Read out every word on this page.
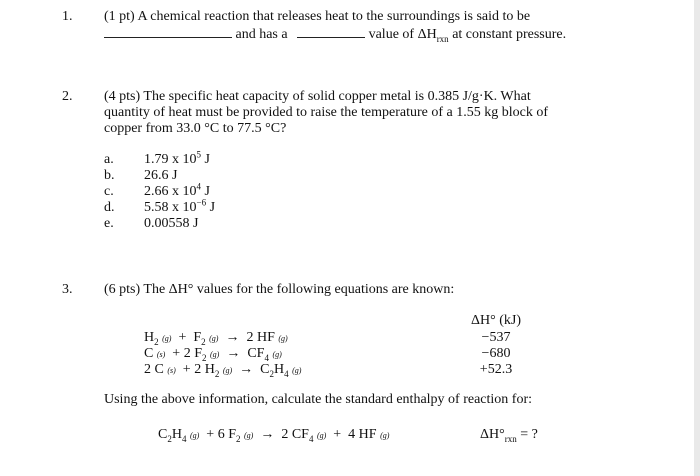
1. (1 pt) A chemical reaction that releases heat to the surroundings is said to be
and has a	value of $\Delta H_{rxn}$ at constant pressure.
2. (4 pts) The specific heat capacity of solid copper metal is 0.385 J/g·K. What
quantity of heat must be provided to raise the temperature of a 1.55 kg block of
copper from 33.0 °C to 77.5 °C?
a. 1.79 x $10^5$ J
b. 26.6 J
c. 2.66 x $10^4$ J
d. 5.58 x $10^{-6}$ J
e. 0.00558 J
3. (6 pts) The ΔH° values for the following equations are known:
ΔH° (kJ)
$H_2$ $(g) + F_2$ (g)  →  2 HF (g)	−537
C (s)  + 2 $F_2$ $(g) \to CF_4$ (g)	−680
2 C (s)  + 2 $H_2$ $(g) \to C_2H_4$ (g)	+52.3
Using the above information, calculate the standard enthalpy of reaction for:
$C_2H_4$ (g)  + 6 $F_2$ (g)  →  2 $CF_4$ (g)  +  4 HF (g)	$\Delta H^\circ_{rxn}$ = ?
